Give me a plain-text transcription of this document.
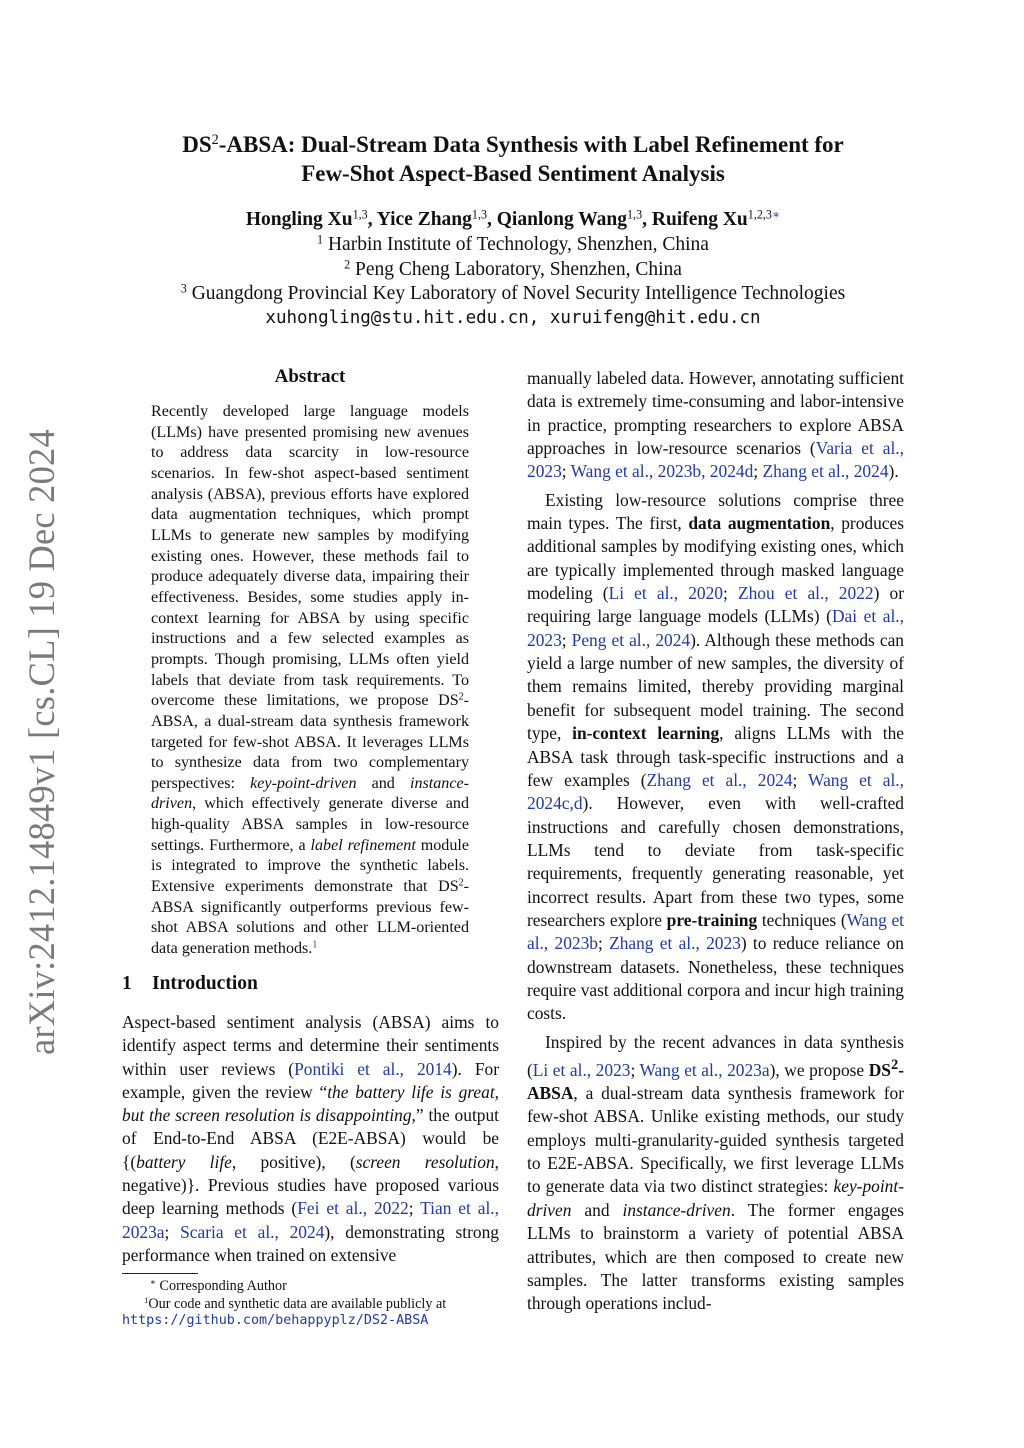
arXiv:2412.14849v1 [cs.CL] 19 Dec 2024
$DS^2$-ABSA: Dual-Stream Data Synthesis with Label Refinement for
Few-Shot Aspect-Based Sentiment Analysis
Hongling Xu$^{1,3}$, Yice Zhang$^{1,3}$, Qianlong Wang$^{1,3}$, Ruifeng $Xu^{1,2,3∗}$
$^1$ Harbin Institute of Technology, Shenzhen, China
$^2$ Peng Cheng Laboratory, Shenzhen, China
$^3$ Guangdong Provincial Key Laboratory of Novel Security Intelligence Technologies
xuhongling@stu.hit.edu.cn, xuruifeng@hit.edu.cn
Abstract
Recently developed large language models (LLMs) have presented promising new avenues to address data scarcity in low-resource scenarios. In few-shot aspect-based sentiment analysis (ABSA), previous efforts have explored data augmentation techniques, which prompt LLMs to generate new samples by modifying existing ones. However, these methods fail to produce adequately diverse data, impairing their effectiveness. Besides, some studies apply in-context learning for ABSA by using specific instructions and a few selected examples as prompts. Though promising, LLMs often yield labels that deviate from task requirements. To overcome these limitations, we propose $DS^2$-ABSA, a dual-stream data synthesis framework targeted for few-shot ABSA. It leverages LLMs to synthesize data from two complementary perspectives: key-point-driven and instance-driven, which effectively generate diverse and high-quality ABSA samples in low-resource settings. Furthermore, a label refinement module is integrated to improve the synthetic labels. Extensive experiments demonstrate that $DS^2$-ABSA significantly outperforms previous few-shot ABSA solutions and other LLM-oriented data generation methods.$^1$
1 Introduction

Aspect-based sentiment analysis (ABSA) aims to identify aspect terms and determine their sentiments within user reviews (Pontiki et al., 2014). For example, given the review “the battery life is great, but the screen resolution is disappointing,” the output of End-to-End ABSA (E2E-ABSA) would be {(battery life, positive), (screen resolution, negative)}. Previous studies have proposed various deep learning methods (Fei et al., 2022; Tian et al., 2023a; Scaria et al., 2024), demonstrating strong performance when trained on extensive

∗ Corresponding Author
$^1$Our code and synthetic data are available publicly at
https://github.com/behappyplz/DS2-ABSA

manually labeled data. However, annotating sufficient data is extremely time-consuming and labor-intensive in practice, prompting researchers to explore ABSA approaches in low-resource scenarios (Varia et al., 2023; Wang et al., 2023b, 2024d; Zhang et al., 2024).

Existing low-resource solutions comprise three main types. The first, data augmentation, produces additional samples by modifying existing ones, which are typically implemented through masked language modeling (Li et al., 2020; Zhou et al., 2022) or requiring large language models (LLMs) (Dai et al., 2023; Peng et al., 2024). Although these methods can yield a large number of new samples, the diversity of them remains limited, thereby providing marginal benefit for subsequent model training. The second type, in-context learning, aligns LLMs with the ABSA task through task-specific instructions and a few examples (Zhang et al., 2024; Wang et al., 2024c,d). However, even with well-crafted instructions and carefully chosen demonstrations, LLMs tend to deviate from task-specific requirements, frequently generating reasonable, yet incorrect results. Apart from these two types, some researchers explore pre-training techniques (Wang et al., 2023b; Zhang et al., 2023) to reduce reliance on downstream datasets. Nonetheless, these techniques require vast additional corpora and incur high training costs.

Inspired by the recent advances in data synthesis (Li et al., 2023; Wang et al., 2023a), we propose $DS^2$-ABSA, a dual-stream data synthesis framework for few-shot ABSA. Unlike existing methods, our study employs multi-granularity-guided synthesis targeted to E2E-ABSA. Specifically, we first leverage LLMs to generate data via two distinct strategies: key-point-driven and instance-driven. The former engages LLMs to brainstorm a variety of potential ABSA attributes, which are then composed to create new samples. The latter transforms existing samples through operations includ-
